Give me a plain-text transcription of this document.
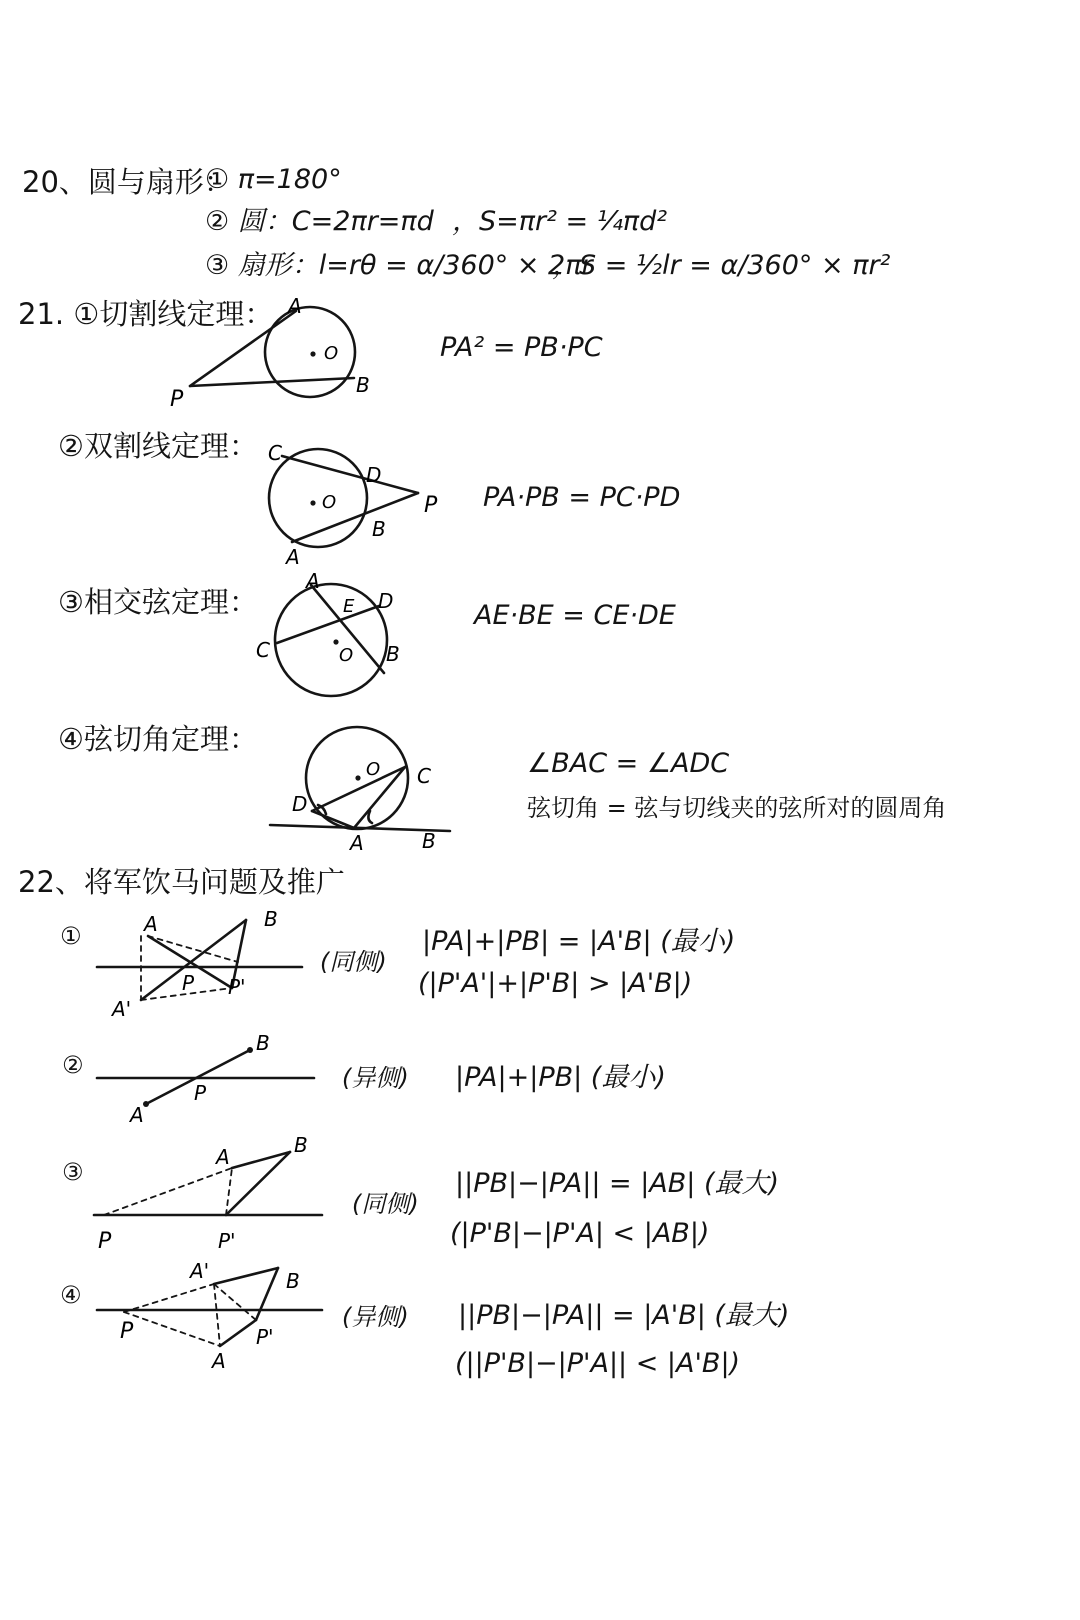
20、圆与扇形：
① π=180°
② 圆：C=2πr=πd ，S=πr² = ¼πd²
③ 扇形：l=rθ = α/360° × 2πr
，S = ½lr = α/360° × πr²
21. ①切割线定理：
PA² = PB·PC
②双割线定理：
PA·PB = PC·PD
③相交弦定理：	AE·BE = CE·DE
④弦切角定理：
∠BAC = ∠ADC
弦切角 = 弦与切线夹的弦所对的圆周角
22、将军饮马问题及推广
①
(同侧)
|PA|+|PB| = |A'B| (最小)
(|P'A'|+|P'B| > |A'B|)
②	(异侧) |PA|+|PB| (最小)
③
(同侧)
||PB|−|PA|| = |AB| (最大)
(|P'B|−|P'A| < |AB|)
④
(异侧) ||PB|−|PA|| = |A'B| (最大)
(||P'B|−|P'A|| < |A'B|)
A
O
B
P
C
D
O
B
A
P
A
E D
C	O B
O C
D
A	B
A	B
P P'
A'
B
P
A
A	B
P	P'
A'	B
P	P'
A
